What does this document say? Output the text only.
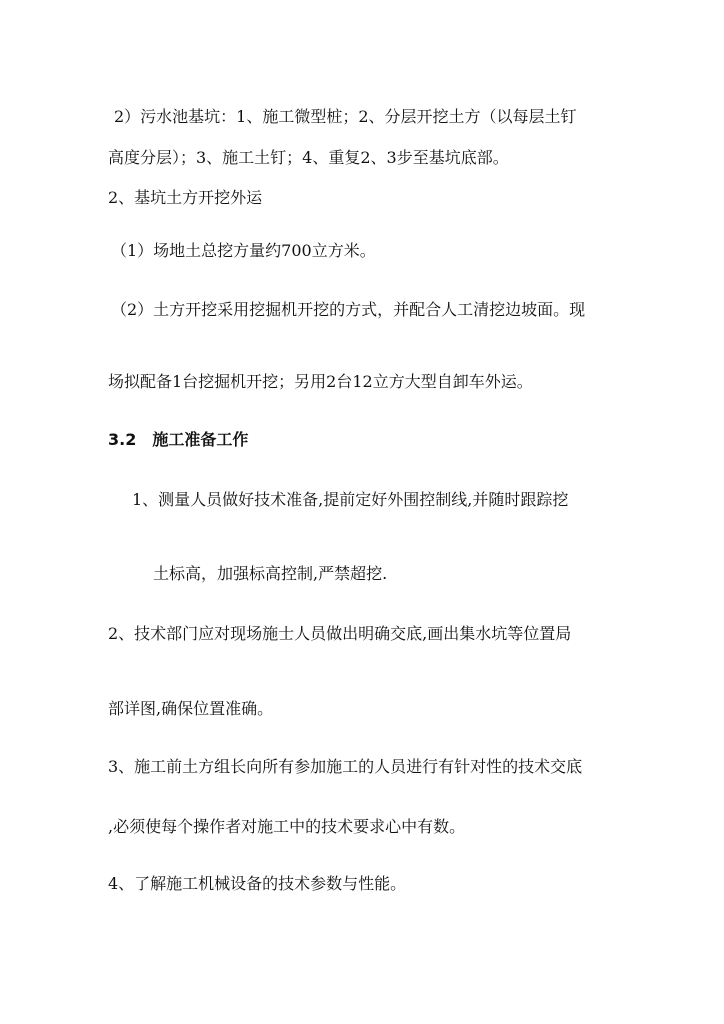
2）污水池基坑：1、施工微型桩；2、分层开挖土方（以每层土钉

高度分层）；3、施工土钉；4、重复2、3步至基坑底部。

2、基坑土方开挖外运

（1）场地土总挖方量约700立方米。

（2）土方开挖采用挖掘机开挖的方式，并配合人工清挖边坡面。现

场拟配备1台挖掘机开挖；另用2台12立方大型自卸车外运。

3.2　施工准备工作

1、测量人员做好技术准备,提前定好外围控制线,并随时跟踪挖

土标高，加强标高控制,严禁超挖.

2、技术部门应对现场施士人员做出明确交底,画出集水坑等位置局

部详图,确保位置准确。

3、施工前土方组长向所有参加施工的人员进行有针对性的技术交底

,必须使每个操作者对施工中的技术要求心中有数。

4、了解施工机械设备的技术参数与性能。
